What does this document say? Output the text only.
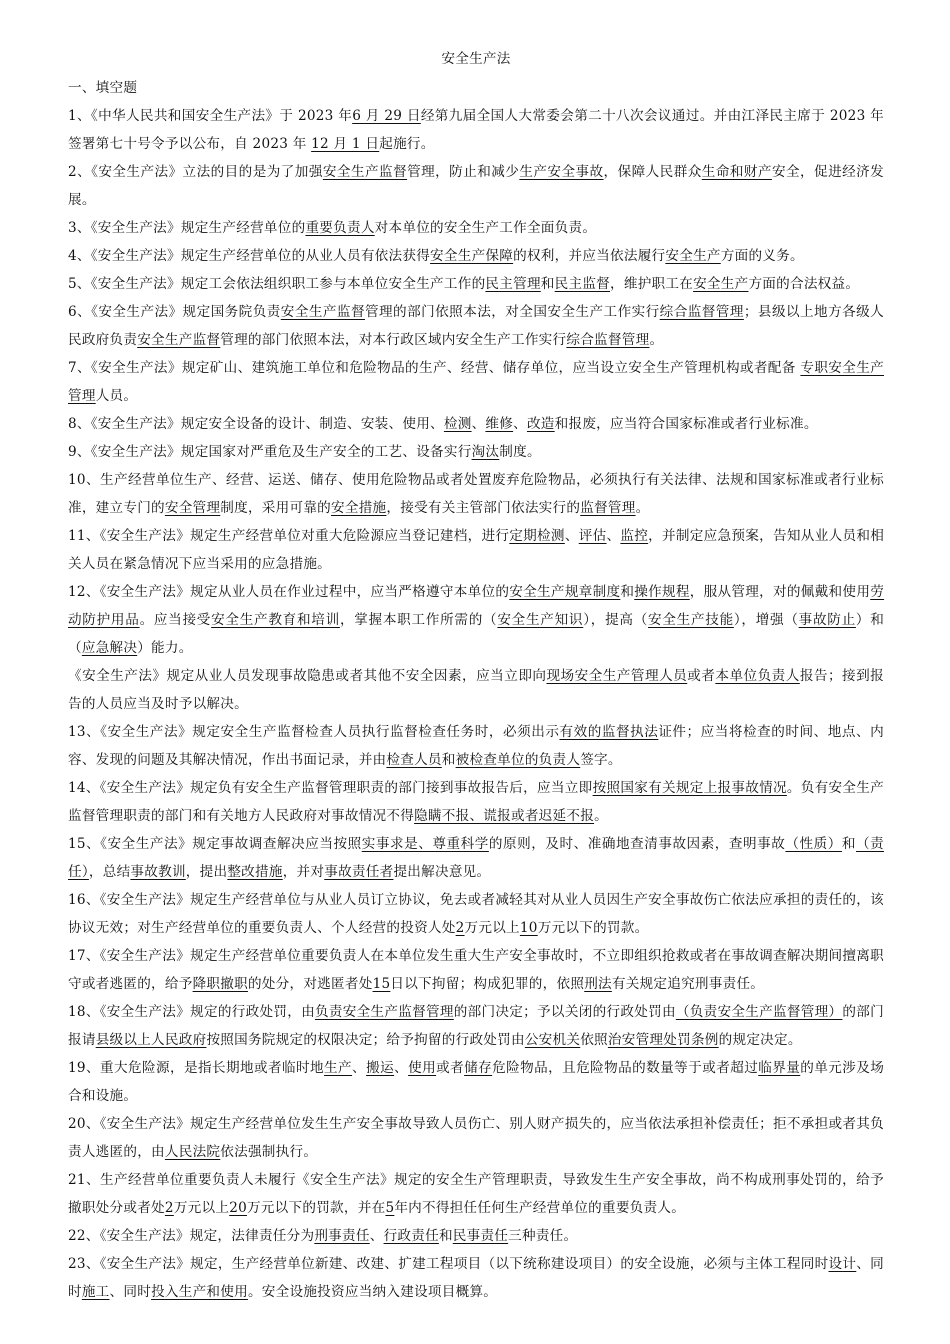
安全生产法
一、填空题

1、《中华人民共和国安全生产法》于 2023 年6 月 29 日经第九届全国人大常委会第二十八次会议通过。并由江泽民主席于 2023 年签署第七十号令予以公布，自 2023 年 12 月 1 日起施行。

2、《安全生产法》立法的目的是为了加强安全生产监督管理，防止和减少生产安全事故，保障人民群众生命和财产安全，促进经济发展。

3、《安全生产法》规定生产经营单位的重要负责人对本单位的安全生产工作全面负责。

4、《安全生产法》规定生产经营单位的从业人员有依法获得安全生产保障的权利，并应当依法履行安全生产方面的义务。

5、《安全生产法》规定工会依法组织职工参与本单位安全生产工作的民主管理和民主监督，维护职工在安全生产方面的合法权益。

6、《安全生产法》规定国务院负责安全生产监督管理的部门依照本法，对全国安全生产工作实行综合监督管理；县级以上地方各级人民政府负责安全生产监督管理的部门依照本法，对本行政区域内安全生产工作实行综合监督管理。

7、《安全生产法》规定矿山、建筑施工单位和危险物品的生产、经营、储存单位，应当设立安全生产管理机构或者配备 专职安全生产管理人员。

8、《安全生产法》规定安全设备的设计、制造、安装、使用、检测、维修、改造和报废，应当符合国家标准或者行业标准。

9、《安全生产法》规定国家对严重危及生产安全的工艺、设备实行淘汰制度。

10、生产经营单位生产、经营、运送、储存、使用危险物品或者处置废弃危险物品，必须执行有关法律、法规和国家标准或者行业标准，建立专门的安全管理制度，采用可靠的安全措施，接受有关主管部门依法实行的监督管理。

11、《安全生产法》规定生产经营单位对重大危险源应当登记建档，进行定期检测、评估、监控，并制定应急预案，告知从业人员和相关人员在紧急情况下应当采用的应急措施。

12、《安全生产法》规定从业人员在作业过程中，应当严格遵守本单位的安全生产规章制度和操作规程，服从管理，对的佩戴和使用劳动防护用品。应当接受安全生产教育和培训，掌握本职工作所需的（安全生产知识），提高（安全生产技能），增强（事故防止）和（应急解决）能力。

《安全生产法》规定从业人员发现事故隐患或者其他不安全因素，应当立即向现场安全生产管理人员或者本单位负责人报告；接到报告的人员应当及时予以解决。

13、《安全生产法》规定安全生产监督检查人员执行监督检查任务时，必须出示有效的监督执法证件；应当将检查的时间、地点、内容、发现的问题及其解决情况，作出书面记录，并由检查人员和被检查单位的负责人签字。

14、《安全生产法》规定负有安全生产监督管理职责的部门接到事故报告后，应当立即按照国家有关规定上报事故情况。负有安全生产监督管理职责的部门和有关地方人民政府对事故情况不得隐瞒不报、谎报或者迟延不报。

15、《安全生产法》规定事故调查解决应当按照实事求是、尊重科学的原则，及时、准确地查清事故因素，查明事故（性质）和（责任），总结事故教训，提出整改措施，并对事故责任者提出解决意见。

16、《安全生产法》规定生产经营单位与从业人员订立协议，免去或者减轻其对从业人员因生产安全事故伤亡依法应承担的责任的，该协议无效；对生产经营单位的重要负责人、个人经营的投资人处2万元以上10万元以下的罚款。

17、《安全生产法》规定生产经营单位重要负责人在本单位发生重大生产安全事故时，不立即组织抢救或者在事故调查解决期间擅离职守或者逃匿的，给予降职撤职的处分，对逃匿者处15日以下拘留；构成犯罪的，依照刑法有关规定追究刑事责任。

18、《安全生产法》规定的行政处罚，由负责安全生产监督管理的部门决定；予以关闭的行政处罚由（负责安全生产监督管理）的部门报请县级以上人民政府按照国务院规定的权限决定；给予拘留的行政处罚由公安机关依照治安管理处罚条例的规定决定。

19、重大危险源，是指长期地或者临时地生产、搬运、使用或者储存危险物品，且危险物品的数量等于或者超过临界量的单元涉及场合和设施。

20、《安全生产法》规定生产经营单位发生生产安全事故导致人员伤亡、别人财产损失的，应当依法承担补偿责任；拒不承担或者其负责人逃匿的，由人民法院依法强制执行。

21、生产经营单位重要负责人未履行《安全生产法》规定的安全生产管理职责，导致发生生产安全事故，尚不构成刑事处罚的，给予撤职处分或者处2万元以上20万元以下的罚款，并在5年内不得担任任何生产经营单位的重要负责人。

22、《安全生产法》规定，法律责任分为刑事责任、行政责任和民事责任三种责任。

23、《安全生产法》规定，生产经营单位新建、改建、扩建工程项目（以下统称建设项目）的安全设施，必须与主体工程同时设计、同时施工、同时投入生产和使用。安全设施投资应当纳入建设项目概算。
